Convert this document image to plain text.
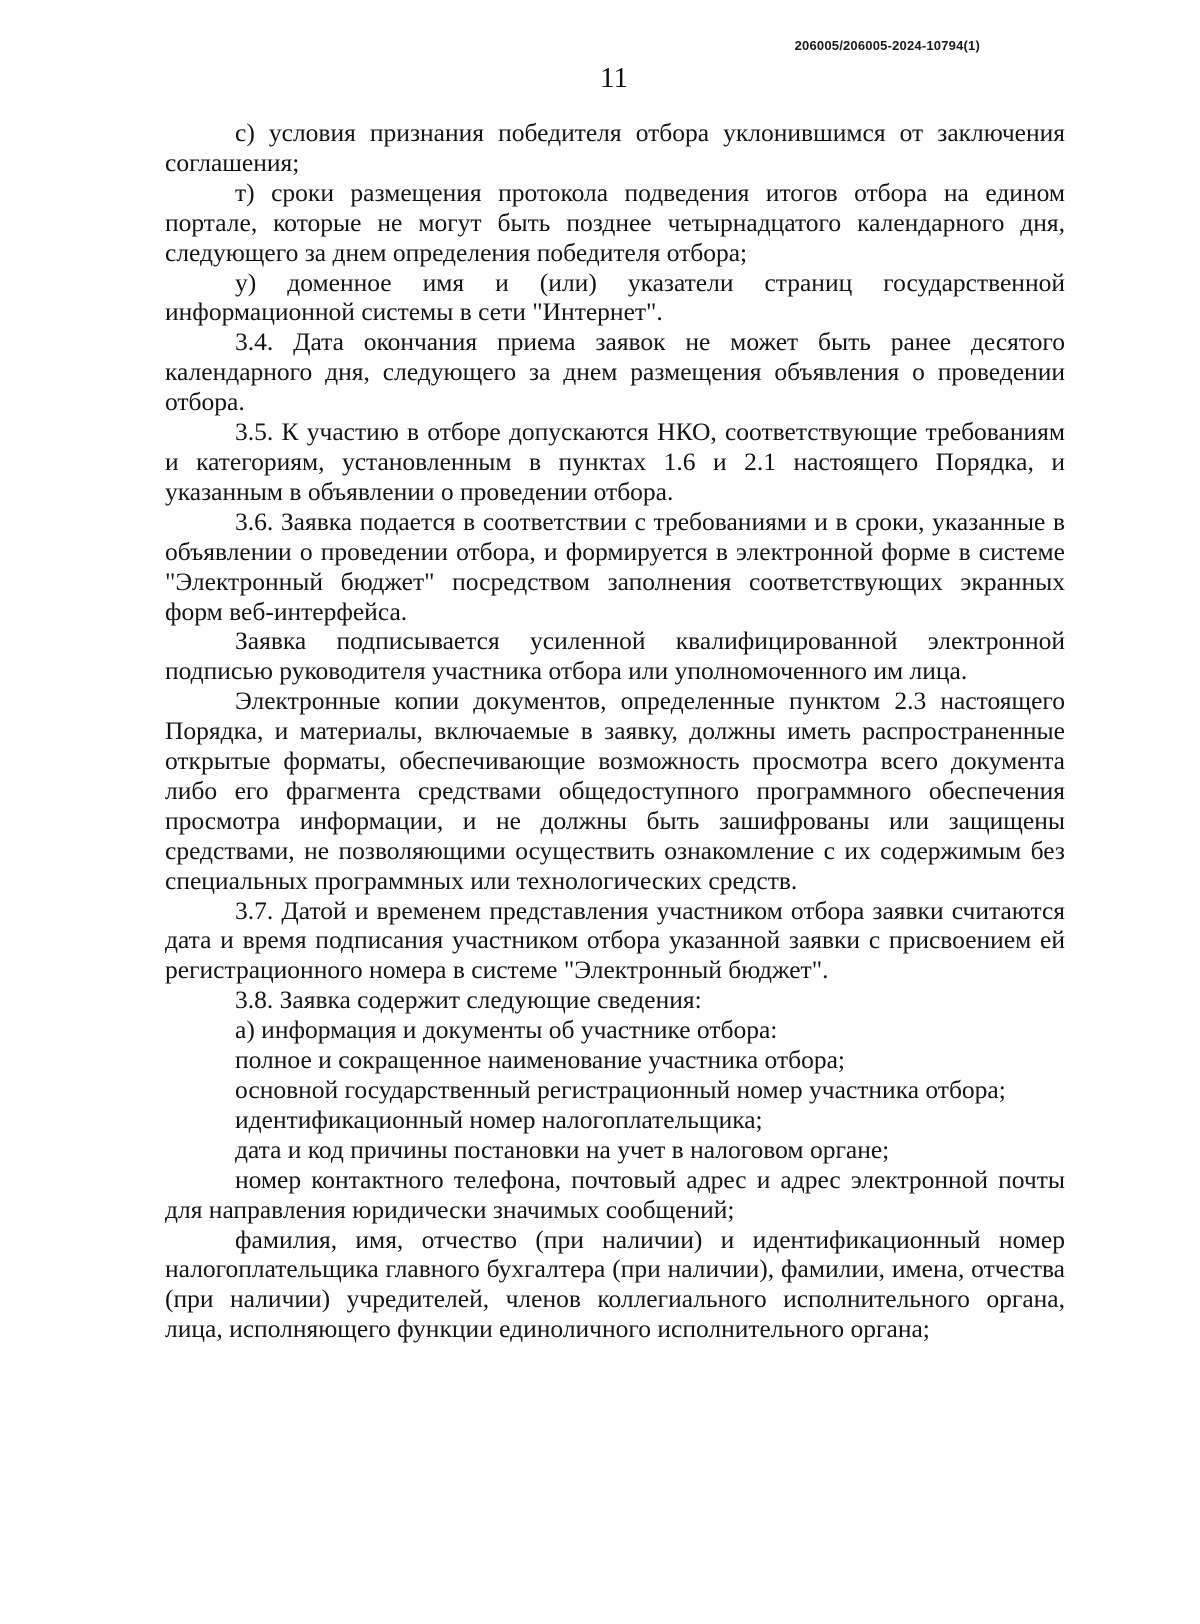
206005/206005-2024-10794(1)
11

с) условия признания победителя отбора уклонившимся от заключения соглашения;

т) сроки размещения протокола подведения итогов отбора на едином портале, которые не могут быть позднее четырнадцатого календарного дня, следующего за днем определения победителя отбора;

у) доменное имя и (или) указатели страниц государственной информационной системы в сети "Интернет".

3.4. Дата окончания приема заявок не может быть ранее десятого календарного дня, следующего за днем размещения объявления о проведении отбора.

3.5. К участию в отборе допускаются НКО, соответствующие требованиям и категориям, установленным в пунктах 1.6 и 2.1 настоящего Порядка, и указанным в объявлении о проведении отбора.

3.6. Заявка подается в соответствии с требованиями и в сроки, указанные в объявлении о проведении отбора, и формируется в электронной форме в системе "Электронный бюджет" посредством заполнения соответствующих экранных форм веб-интерфейса.

Заявка подписывается усиленной квалифицированной электронной подписью руководителя участника отбора или уполномоченного им лица.

Электронные копии документов, определенные пунктом 2.3 настоящего Порядка, и материалы, включаемые в заявку, должны иметь распространенные открытые форматы, обеспечивающие возможность просмотра всего документа либо его фрагмента средствами общедоступного программного обеспечения просмотра информации, и не должны быть зашифрованы или защищены средствами, не позволяющими осуществить ознакомление с их содержимым без специальных программных или технологических средств.

3.7. Датой и временем представления участником отбора заявки считаются дата и время подписания участником отбора указанной заявки с присвоением ей регистрационного номера в системе "Электронный бюджет".

3.8. Заявка содержит следующие сведения:

а) информация и документы об участнике отбора:

полное и сокращенное наименование участника отбора;

основной государственный регистрационный номер участника отбора;

идентификационный номер налогоплательщика;

дата и код причины постановки на учет в налоговом органе;

номер контактного телефона, почтовый адрес и адрес электронной почты для направления юридически значимых сообщений;

фамилия, имя, отчество (при наличии) и идентификационный номер налогоплательщика главного бухгалтера (при наличии), фамилии, имена, отчества (при наличии) учредителей, членов коллегиального исполнительного органа, лица, исполняющего функции единоличного исполнительного органа;
